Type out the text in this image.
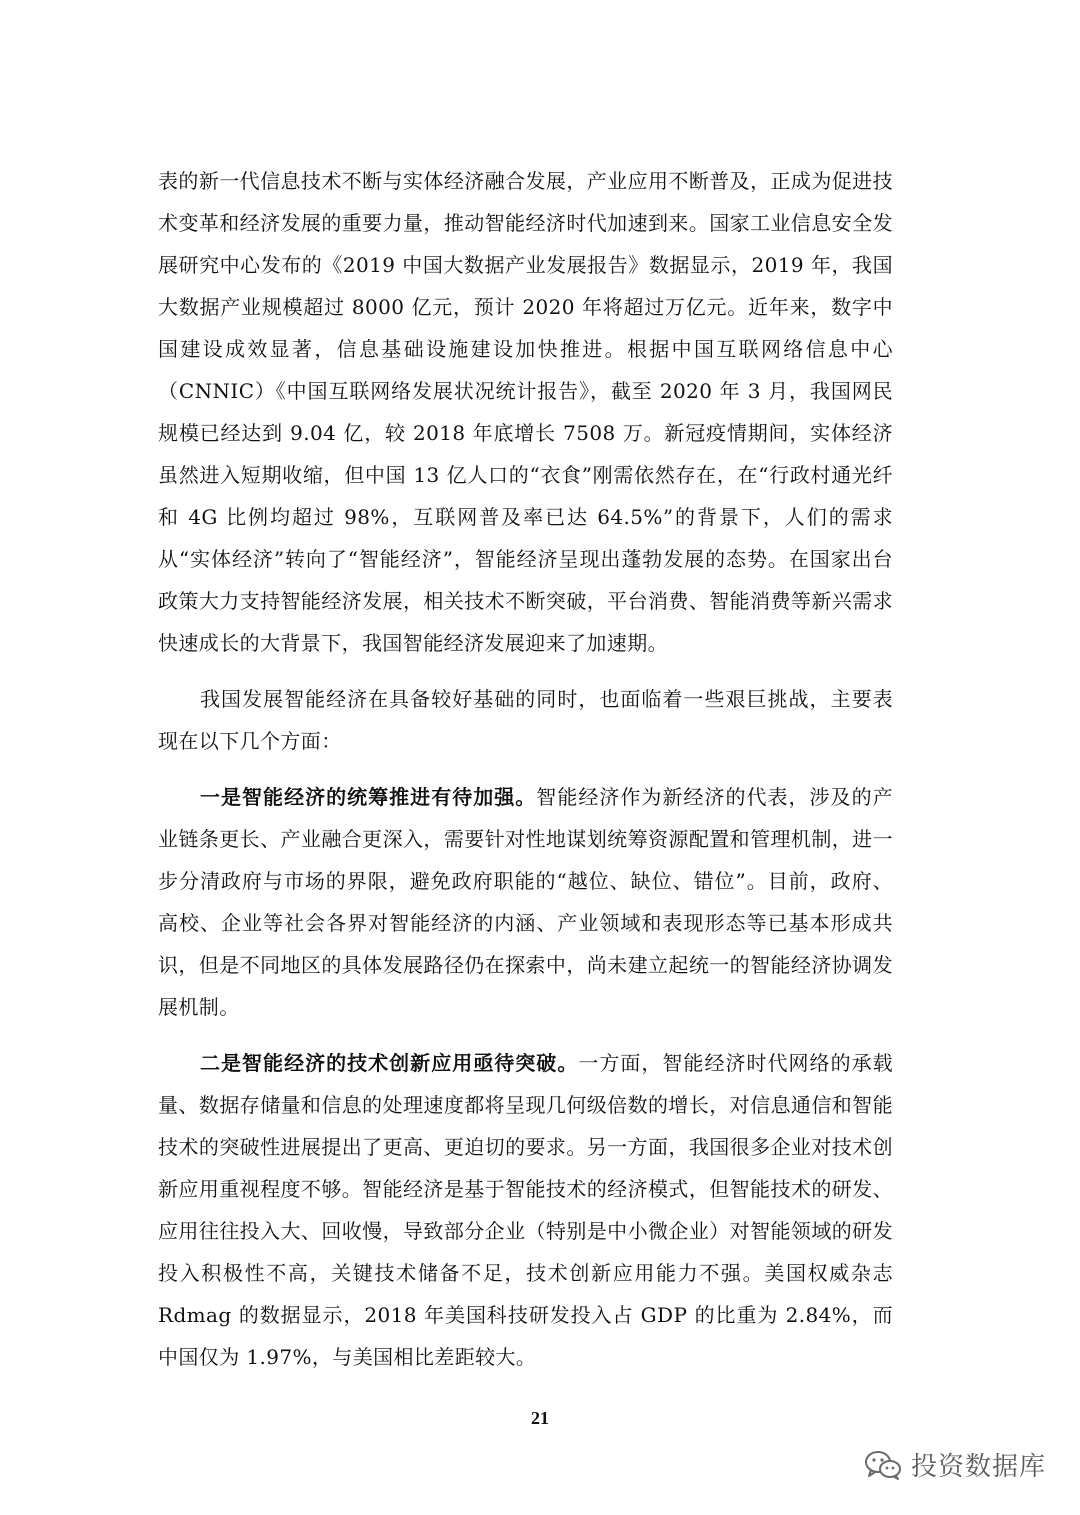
表的新一代信息技术不断与实体经济融合发展，产业应用不断普及，正成为促进技术变革和经济发展的重要力量，推动智能经济时代加速到来。国家工业信息安全发展研究中心发布的《2019 中国大数据产业发展报告》数据显示，2019 年，我国大数据产业规模超过 8000 亿元，预计 2020 年将超过万亿元。近年来，数字中国建设成效显著，信息基础设施建设加快推进。根据中国互联网络信息中心（CNNIC）《中国互联网络发展状况统计报告》，截至 2020 年 3 月，我国网民规模已经达到 9.04 亿，较 2018 年底增长 7508 万。新冠疫情期间，实体经济虽然进入短期收缩，但中国 13 亿人口的“衣食”刚需依然存在，在“行政村通光纤和 4G 比例均超过 98%，互联网普及率已达 64.5%”的背景下，人们的需求从“实体经济”转向了“智能经济”，智能经济呈现出蓬勃发展的态势。在国家出台政策大力支持智能经济发展，相关技术不断突破，平台消费、智能消费等新兴需求快速成长的大背景下，我国智能经济发展迎来了加速期。

我国发展智能经济在具备较好基础的同时，也面临着一些艰巨挑战，主要表现在以下几个方面：

一是智能经济的统筹推进有待加强。智能经济作为新经济的代表，涉及的产业链条更长、产业融合更深入，需要针对性地谋划统筹资源配置和管理机制，进一步分清政府与市场的界限，避免政府职能的“越位、缺位、错位”。目前，政府、高校、企业等社会各界对智能经济的内涵、产业领域和表现形态等已基本形成共识，但是不同地区的具体发展路径仍在探索中，尚未建立起统一的智能经济协调发展机制。

二是智能经济的技术创新应用亟待突破。一方面，智能经济时代网络的承载量、数据存储量和信息的处理速度都将呈现几何级倍数的增长，对信息通信和智能技术的突破性进展提出了更高、更迫切的要求。另一方面，我国很多企业对技术创新应用重视程度不够。智能经济是基于智能技术的经济模式，但智能技术的研发、应用往往投入大、回收慢，导致部分企业（特别是中小微企业）对智能领域的研发投入积极性不高，关键技术储备不足，技术创新应用能力不强。美国权威杂志 Rdmag 的数据显示，2018 年美国科技研发投入占 GDP 的比重为 2.84%，而中国仅为 1.97%，与美国相比差距较大。

21
投资数据库
